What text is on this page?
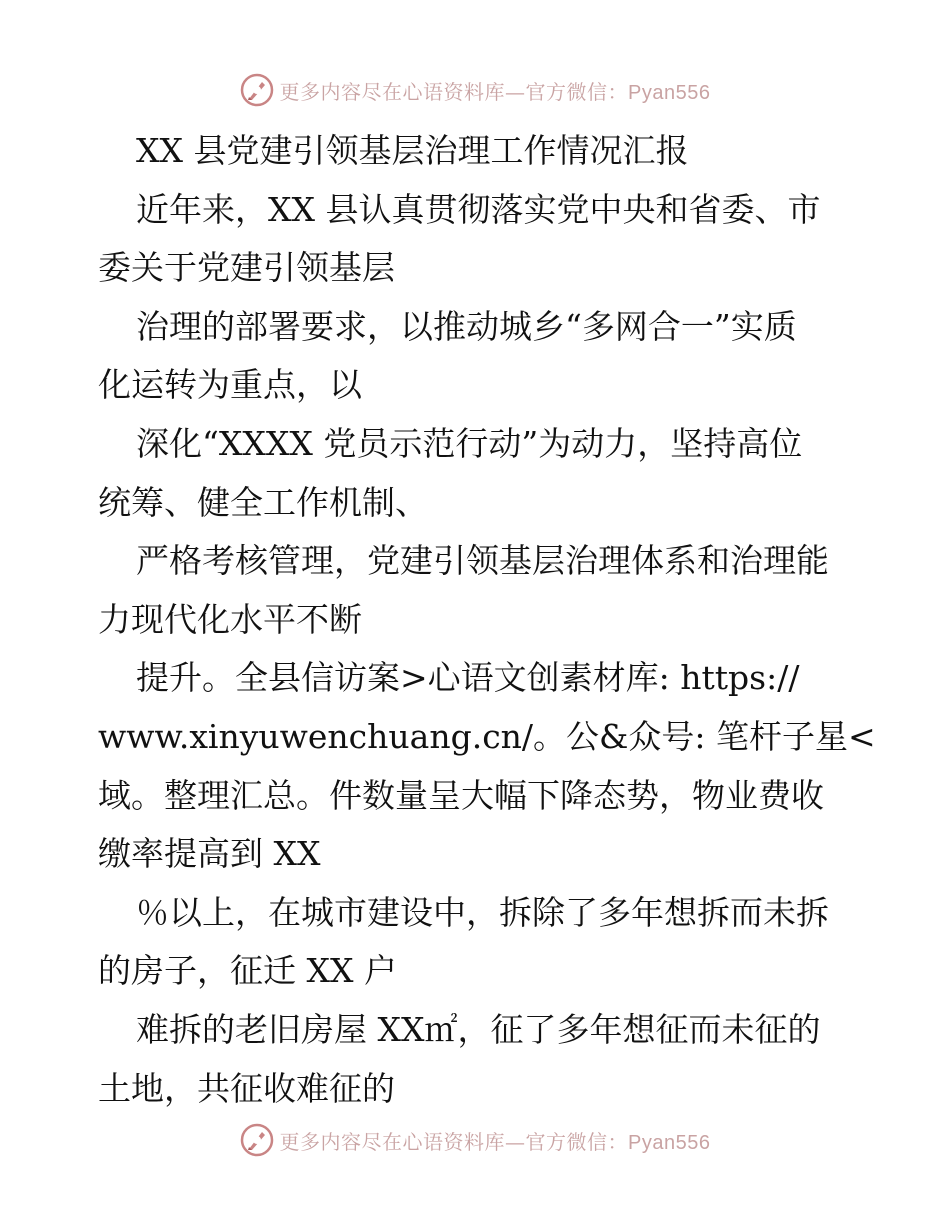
更多内容尽在心语资料库—官方微信：Pyan556
XX 县党建引领基层治理工作情况汇报
近年来，XX 县认真贯彻落实党中央和省委、市
委关于党建引领基层
治理的部署要求，以推动城乡“多网合一”实质
化运转为重点，以
深化“XXXX 党员示范行动”为动力，坚持高位
统筹、健全工作机制、
严格考核管理，党建引领基层治理体系和治理能
力现代化水平不断
提升。全县信访案>心语文创素材库: https://
www.xinyuwenchuang.cn/。公&众号: 笔杆子星<
域。整理汇总。件数量呈大幅下降态势，物业费收
缴率提高到 XX
％以上，在城市建设中，拆除了多年想拆而未拆
的房子，征迁 XX 户
难拆的老旧房屋 XX㎡，征了多年想征而未征的
土地，共征收难征的
更多内容尽在心语资料库—官方微信：Pyan556
